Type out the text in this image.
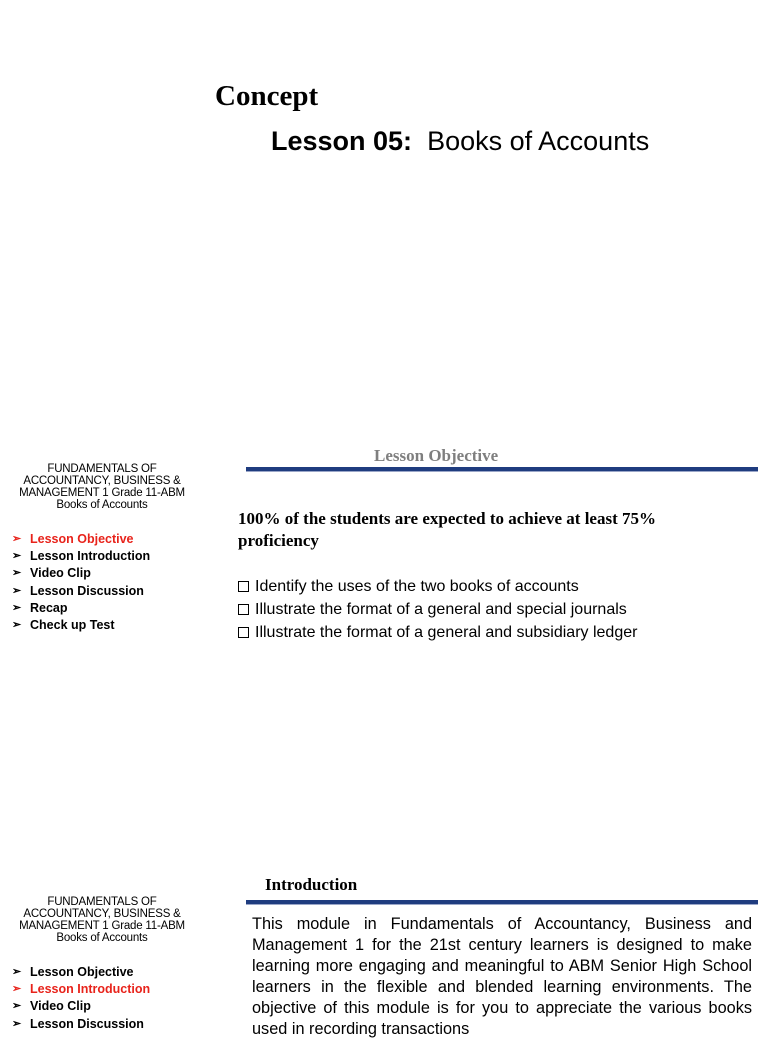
Concept
Lesson 05: Books of Accounts
FUNDAMENTALS OF
ACCOUNTANCY, BUSINESS &
MANAGEMENT 1 Grade 11-ABM
Books of Accounts
➢ Lesson Objective
➢ Lesson Introduction
➢ Video Clip
➢ Lesson Discussion
➢ Recap
➢ Check up Test
Lesson Objective
100% of the students are expected to achieve at least 75% proficiency
Identify the uses of the two books of accounts
Illustrate the format of a general and special journals
Illustrate the format of a general and subsidiary ledger
FUNDAMENTALS OF
ACCOUNTANCY, BUSINESS &
MANAGEMENT 1 Grade 11-ABM
Books of Accounts
➢ Lesson Objective
➢ Lesson Introduction
➢ Video Clip
➢ Lesson Discussion
Introduction
This module in Fundamentals of Accountancy, Business and Management 1 for the 21st century learners is designed to make learning more engaging and meaningful to ABM Senior High School learners in the flexible and blended learning environments. The objective of this module is for you to appreciate the various books used in recording transactions
